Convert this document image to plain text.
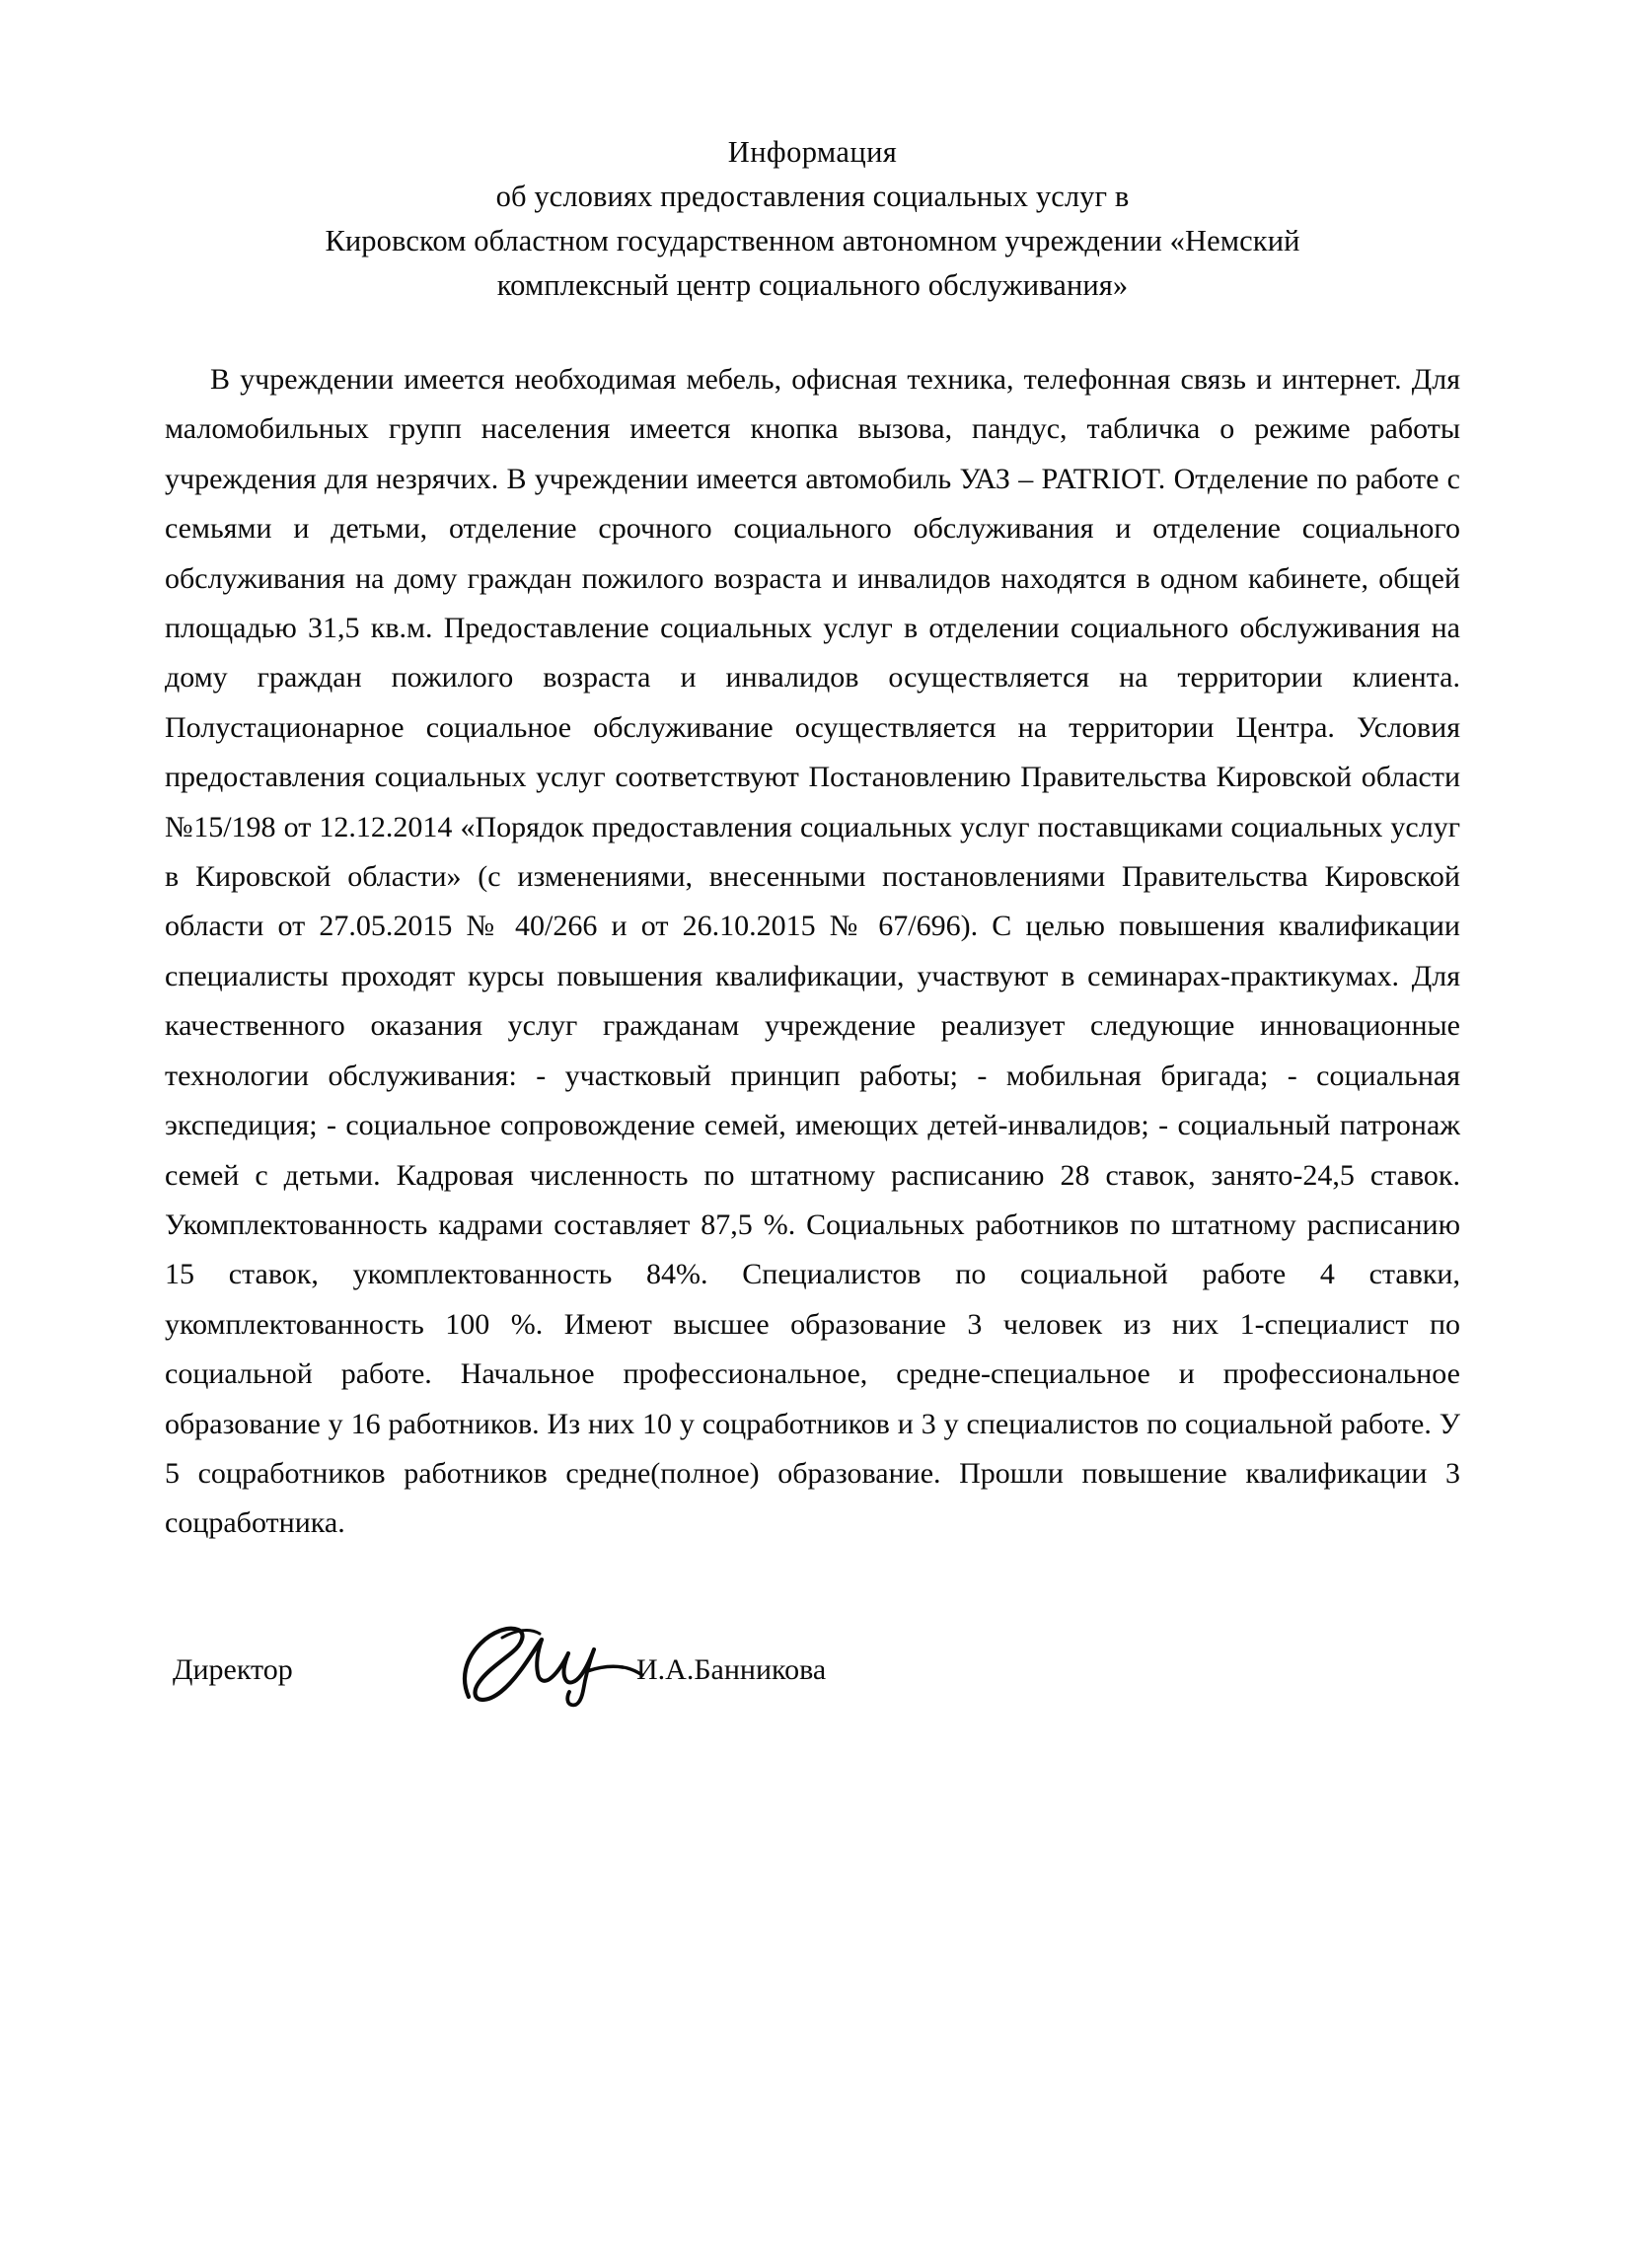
Информация
об условиях предоставления социальных услуг в
Кировском областном государственном автономном учреждении «Немский
комплексный центр социального обслуживания»

В учреждении имеется необходимая мебель, офисная техника, телефонная связь и интернет. Для маломобильных групп населения имеется кнопка вызова, пандус, табличка о режиме работы учреждения для незрячих. В учреждении имеется автомобиль УАЗ – PATRIOT. Отделение по работе с семьями и детьми, отделение срочного социального обслуживания и отделение социального обслуживания на дому граждан пожилого возраста и инвалидов находятся в одном кабинете, общей площадью 31,5 кв.м. Предоставление социальных услуг в отделении социального обслуживания на дому граждан пожилого возраста и инвалидов осуществляется на территории клиента. Полустационарное социальное обслуживание осуществляется на территории Центра. Условия предоставления социальных услуг соответствуют Постановлению Правительства Кировской области №15/198 от 12.12.2014 «Порядок предоставления социальных услуг поставщиками социальных услуг в Кировской области» (с изменениями, внесенными постановлениями Правительства Кировской области от 27.05.2015 № 40/266 и от 26.10.2015 № 67/696). С целью повышения квалификации специалисты проходят курсы повышения квалификации, участвуют в семинарах-практикумах. Для качественного оказания услуг гражданам учреждение реализует следующие инновационные технологии обслуживания: - участковый принцип работы; - мобильная бригада; - социальная экспедиция; - социальное сопровождение семей, имеющих детей-инвалидов; - социальный патронаж семей с детьми. Кадровая численность по штатному расписанию 28 ставок, занято-24,5 ставок. Укомплектованность кадрами составляет 87,5 %. Социальных работников по штатному расписанию 15 ставок, укомплектованность 84%. Специалистов по социальной работе 4 ставки, укомплектованность 100 %. Имеют высшее образование 3 человек из них 1-специалист по социальной работе. Начальное профессиональное, средне-специальное и профессиональное образование у 16 работников. Из них 10 у соцработников и 3 у специалистов по социальной работе. У 5 соцработников работников средне(полное) образование. Прошли повышение квалификации 3 соцработника.

Директор	И.А.Банникова
